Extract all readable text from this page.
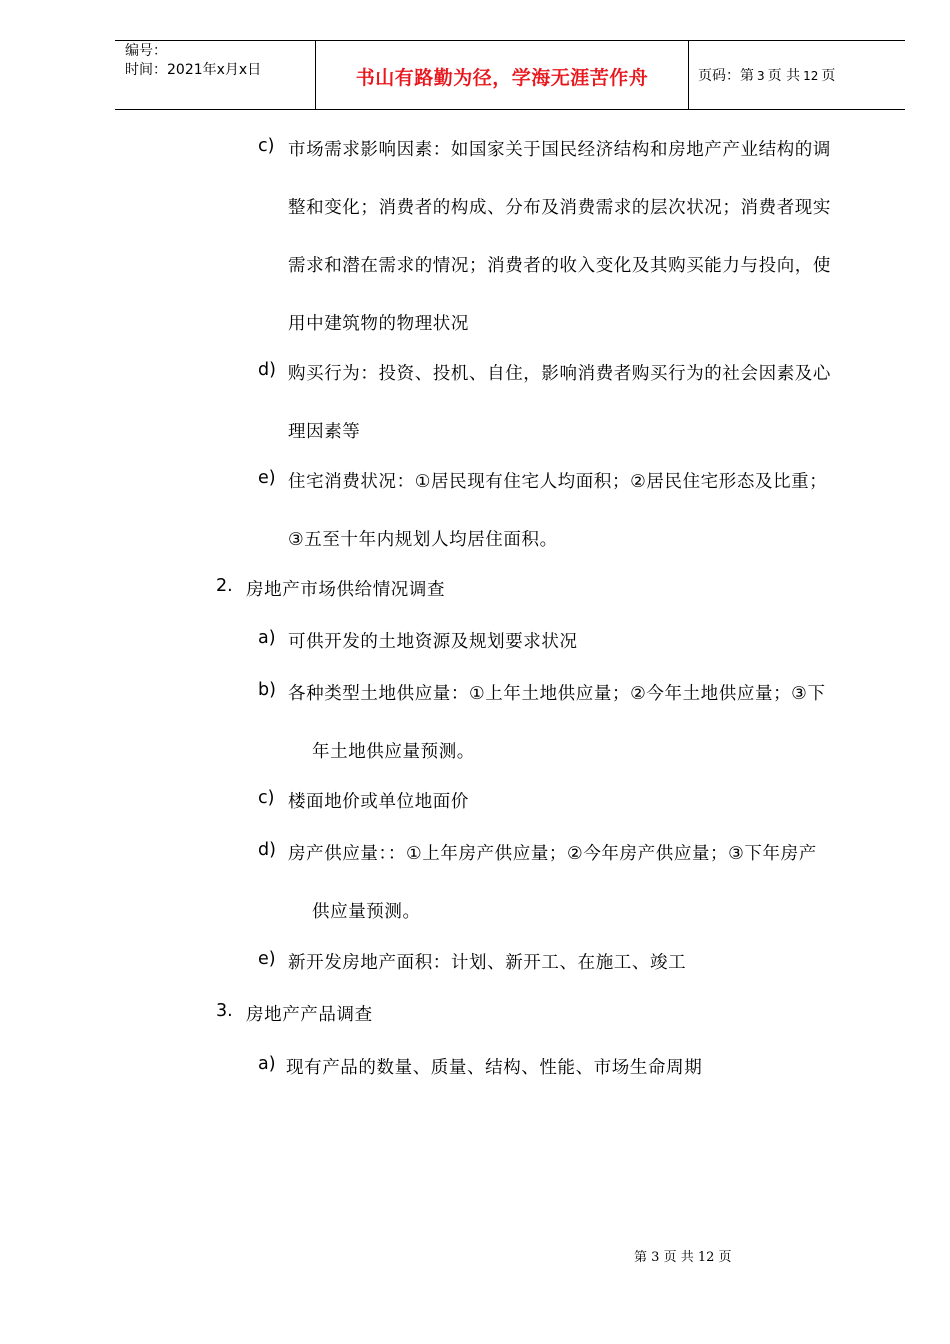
编号：
时间：2021年x月x日	书山有路勤为径，学海无涯苦作舟	页码：第 3 页 共 12 页
c) 市场需求影响因素：如国家关于国民经济结构和房地产产业结构的调
整和变化；消费者的构成、分布及消费需求的层次状况；消费者现实
需求和潜在需求的情况；消费者的收入变化及其购买能力与投向，使
用中建筑物的物理状况
d) 购买行为：投资、投机、自住，影响消费者购买行为的社会因素及心
理因素等
e) 住宅消费状况：①居民现有住宅人均面积；②居民住宅形态及比重；
③五至十年内规划人均居住面积。
2. 房地产市场供给情况调查
a) 可供开发的土地资源及规划要求状况
b) 各种类型土地供应量：①上年土地供应量；②今年土地供应量；③下
年土地供应量预测。
c) 楼面地价或单位地面价
d) 房产供应量：：①上年房产供应量；②今年房产供应量；③下年房产
供应量预测。
e) 新开发房地产面积：计划、新开工、在施工、竣工
3. 房地产产品调查
a) 现有产品的数量、质量、结构、性能、市场生命周期
第 3 页 共 12 页
